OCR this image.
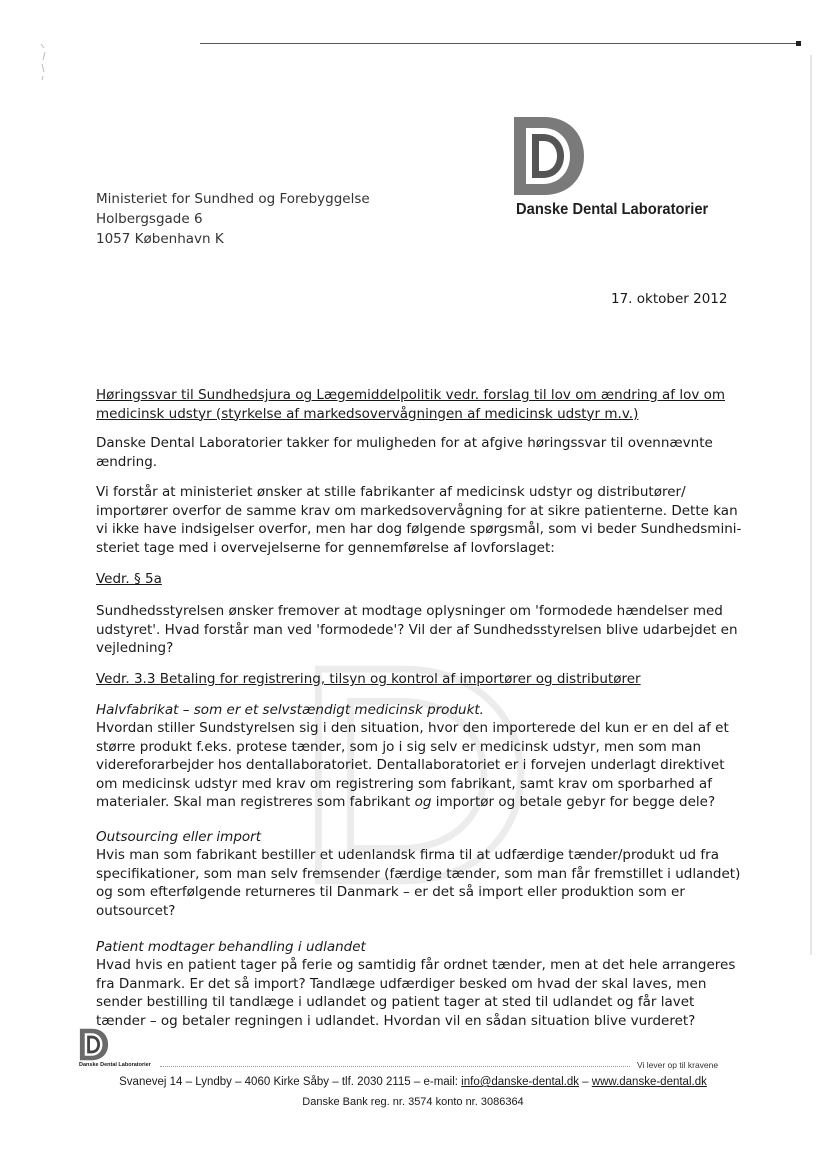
Ministeriet for Sundhed og Forebyggelse
Holbergsgade 6
1057 København K
Danske Dental Laboratorier
17. oktober 2012
Høringssvar til Sundhedsjura og Lægemiddelpolitik vedr. forslag til lov om ændring af lov om
medicinsk udstyr (styrkelse af markedsovervågningen af medicinsk udstyr m.v.)
Danske Dental Laboratorier takker for muligheden for at afgive høringssvar til ovennævnte
ændring.
Vi forstår at ministeriet ønsker at stille fabrikanter af medicinsk udstyr og distributører/
importører overfor de samme krav om markedsovervågning for at sikre patienterne. Dette kan
vi ikke have indsigelser overfor, men har dog følgende spørgsmål, som vi beder Sundhedsmini-
steriet tage med i overvejelserne for gennemførelse af lovforslaget:
Vedr. § 5a
Sundhedsstyrelsen ønsker fremover at modtage oplysninger om 'formodede hændelser med
udstyret'. Hvad forstår man ved 'formodede'? Vil der af Sundhedsstyrelsen blive udarbejdet en
vejledning?
Vedr. 3.3 Betaling for registrering, tilsyn og kontrol af importører og distributører
Halvfabrikat – som er et selvstændigt medicinsk produkt.
Hvordan stiller Sundstyrelsen sig i den situation, hvor den importerede del kun er en del af et
større produkt f.eks. protese tænder, som jo i sig selv er medicinsk udstyr, men som man
videreforarbejder hos dentallaboratoriet. Dentallaboratoriet er i forvejen underlagt direktivet
om medicinsk udstyr med krav om registrering som fabrikant, samt krav om sporbarhed af
materialer. Skal man registreres som fabrikant og importør og betale gebyr for begge dele?
Outsourcing eller import
Hvis man som fabrikant bestiller et udenlandsk firma til at udfærdige tænder/produkt ud fra
specifikationer, som man selv fremsender (færdige tænder, som man får fremstillet i udlandet)
og som efterfølgende returneres til Danmark – er det så import eller produktion som er
outsourcet?
Patient modtager behandling i udlandet
Hvad hvis en patient tager på ferie og samtidig får ordnet tænder, men at det hele arrangeres
fra Danmark. Er det så import? Tandlæge udfærdiger besked om hvad der skal laves, men
sender bestilling til tandlæge i udlandet og patient tager at sted til udlandet og får lavet
tænder – og betaler regningen i udlandet. Hvordan vil en sådan situation blive vurderet?
Danske Dental Laboratorier	Vi lever op til kravene
Svanevej 14 – Lyndby – 4060 Kirke Såby – tlf. 2030 2115 – e-mail: info@danske-dental.dk – www.danske-dental.dk
Danske Bank reg. nr. 3574 konto nr. 3086364
